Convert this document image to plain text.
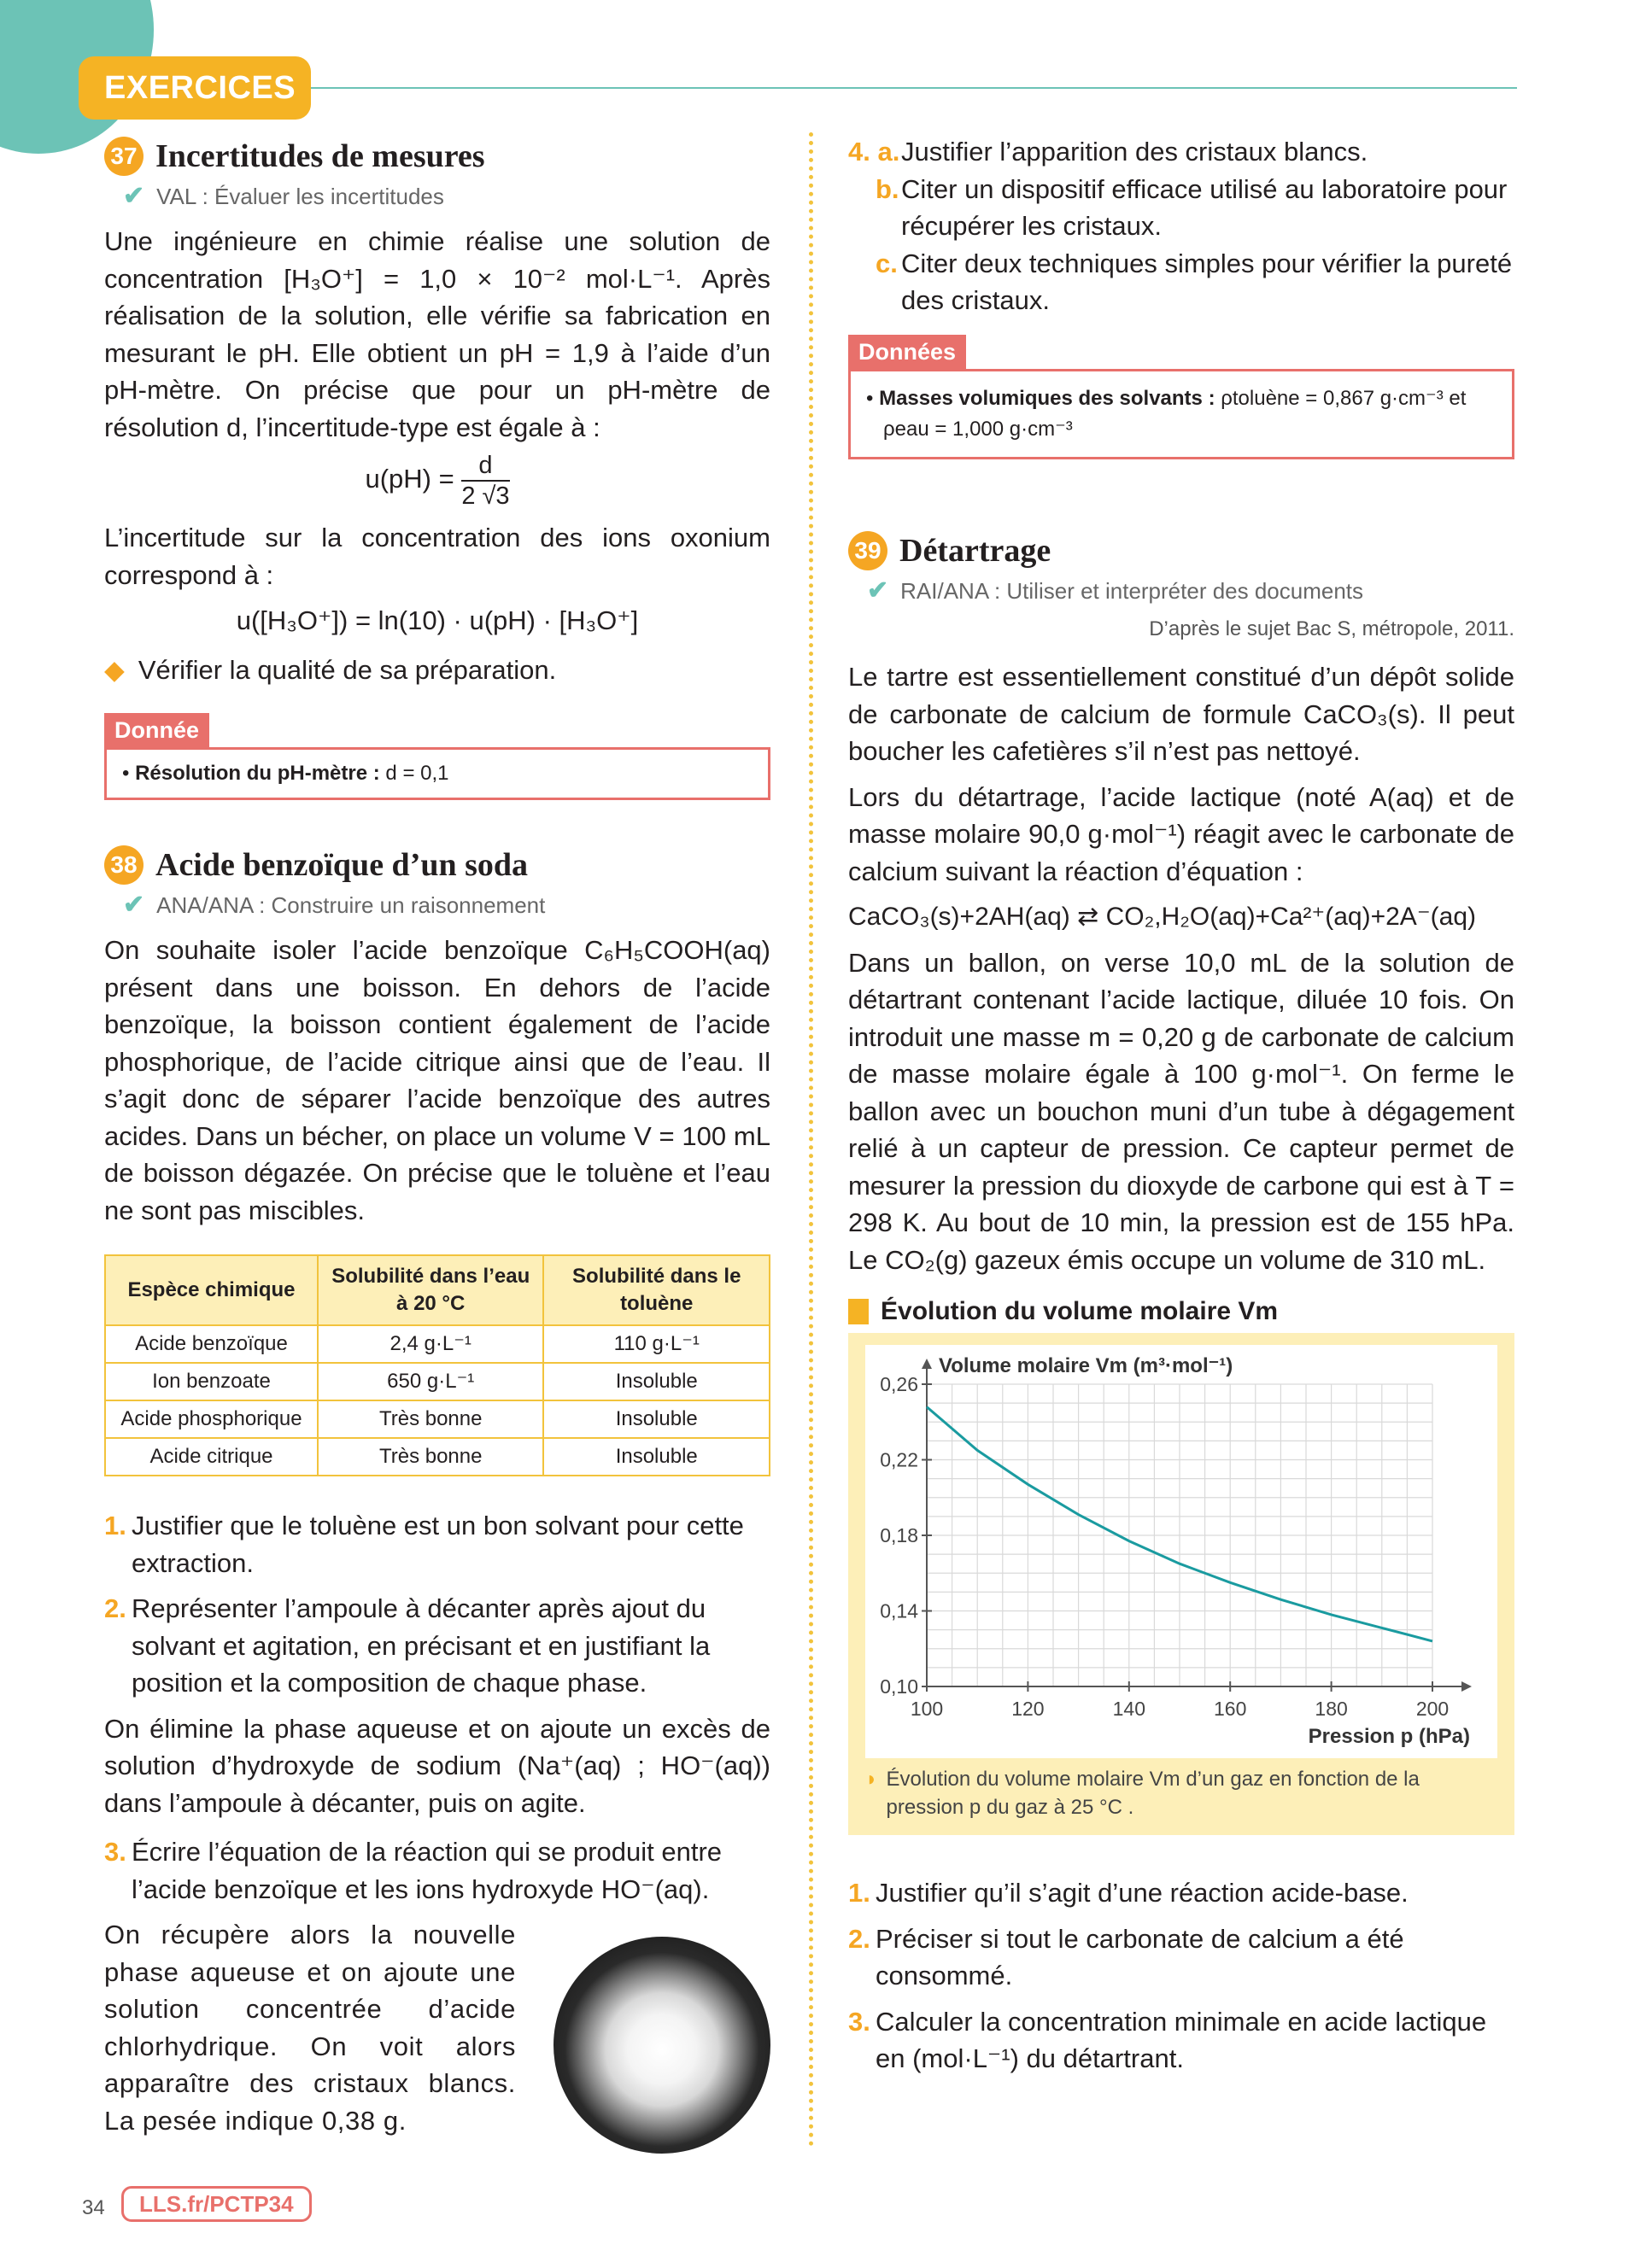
EXERCICES
37 Incertitudes de mesures
✔ VAL : Évaluer les incertitudes
Une ingénieure en chimie réalise une solution de concentration [H₃O⁺] = 1,0 × 10⁻² mol·L⁻¹. Après réalisation de la solution, elle vérifie sa fabrication en mesurant le pH. Elle obtient un pH = 1,9 à l’aide d’un pH-mètre. On précise que pour un pH-mètre de résolution d, l’incertitude-type est égale à :
$u(pH) = \frac{d}{2 √3}$
L’incertitude sur la concentration des ions oxonium correspond à :
u([H₃O⁺]) = ln(10) · u(pH) · [H₃O⁺]
◆ Vérifier la qualité de sa préparation.
Donnée
• Résolution du pH-mètre : d = 0,1
38 Acide benzoïque d’un soda
✔ ANA/ANA : Construire un raisonnement
On souhaite isoler l’acide benzoïque C₆H₅COOH(aq) présent dans une boisson. En dehors de l’acide benzoïque, la boisson contient également de l’acide phosphorique, de l’acide citrique ainsi que de l’eau. Il s’agit donc de séparer l’acide benzoïque des autres acides. Dans un bécher, on place un volume V = 100 mL de boisson dégazée. On précise que le toluène et l’eau ne sont pas miscibles.
Espèce chimique	Solubilité dans l’eau à 20 °C	Solubilité dans le toluène
Acide benzoïque	2,4 g·L⁻¹	110 g·L⁻¹
Ion benzoate	650 g·L⁻¹	Insoluble
Acide phosphorique	Très bonne	Insoluble
Acide citrique	Très bonne	Insoluble
1. Justifier que le toluène est un bon solvant pour cette extraction.
2. Représenter l’ampoule à décanter après ajout du solvant et agitation, en précisant et en justifiant la position et la composition de chaque phase.
On élimine la phase aqueuse et on ajoute un excès de solution d’hydroxyde de sodium (Na⁺(aq) ; HO⁻(aq)) dans l’ampoule à décanter, puis on agite.
3. Écrire l’équation de la réaction qui se produit entre l’acide benzoïque et les ions hydroxyde HO⁻(aq).
On récupère alors la nouvelle phase aqueuse et on ajoute une solution concentrée d’acide chlorhydrique. On voit alors apparaître des cristaux blancs. La pesée indique 0,38 g.
4. a. Justifier l’apparition des cristaux blancs.
b. Citer un dispositif efficace utilisé au laboratoire pour récupérer les cristaux.
c. Citer deux techniques simples pour vérifier la pureté des cristaux.
Données
• Masses volumiques des solvants : ρtoluène = 0,867 g·cm⁻³ et
ρeau = 1,000 g·cm⁻³
39 Détartrage
✔ RAI/ANA : Utiliser et interpréter des documents
D’après le sujet Bac S, métropole, 2011.
Le tartre est essentiellement constitué d’un dépôt solide de carbonate de calcium de formule CaCO₃(s). Il peut boucher les cafetières s’il n’est pas nettoyé.
Lors du détartrage, l’acide lactique (noté A(aq) et de masse molaire 90,0 g·mol⁻¹) réagit avec le carbonate de calcium suivant la réaction d’équation :
CaCO₃(s)+2AH(aq) ⇄ CO₂,H₂O(aq)+Ca²⁺(aq)+2A⁻(aq)
Dans un ballon, on verse 10,0 mL de la solution de détartrant contenant l’acide lactique, diluée 10 fois. On introduit une masse m = 0,20 g de carbonate de calcium de masse molaire égale à 100 g·mol⁻¹. On ferme le ballon avec un bouchon muni d’un tube à dégagement relié à un capteur de pression. Ce capteur permet de mesurer la pression du dioxyde de carbone qui est à T = 298 K. Au bout de 10 min, la pression est de 155 hPa. Le CO₂(g) gazeux émis occupe un volume de 310 mL.
Évolution du volume molaire Vm
100	120	140	160	180	200
0,10
0,14
0,18
0,22
0,26
Volume molaire Vm (m³·mol⁻¹)
Pression p (hPa)
◗ Évolution du volume molaire Vm d’un gaz en fonction de la pression p du gaz à 25 °C .
1. Justifier qu’il s’agit d’une réaction acide-base.
2. Préciser si tout le carbonate de calcium a été consommé.
3. Calculer la concentration minimale en acide lactique en (mol·L⁻¹) du détartrant.
34	LLS.fr/PCTP34
